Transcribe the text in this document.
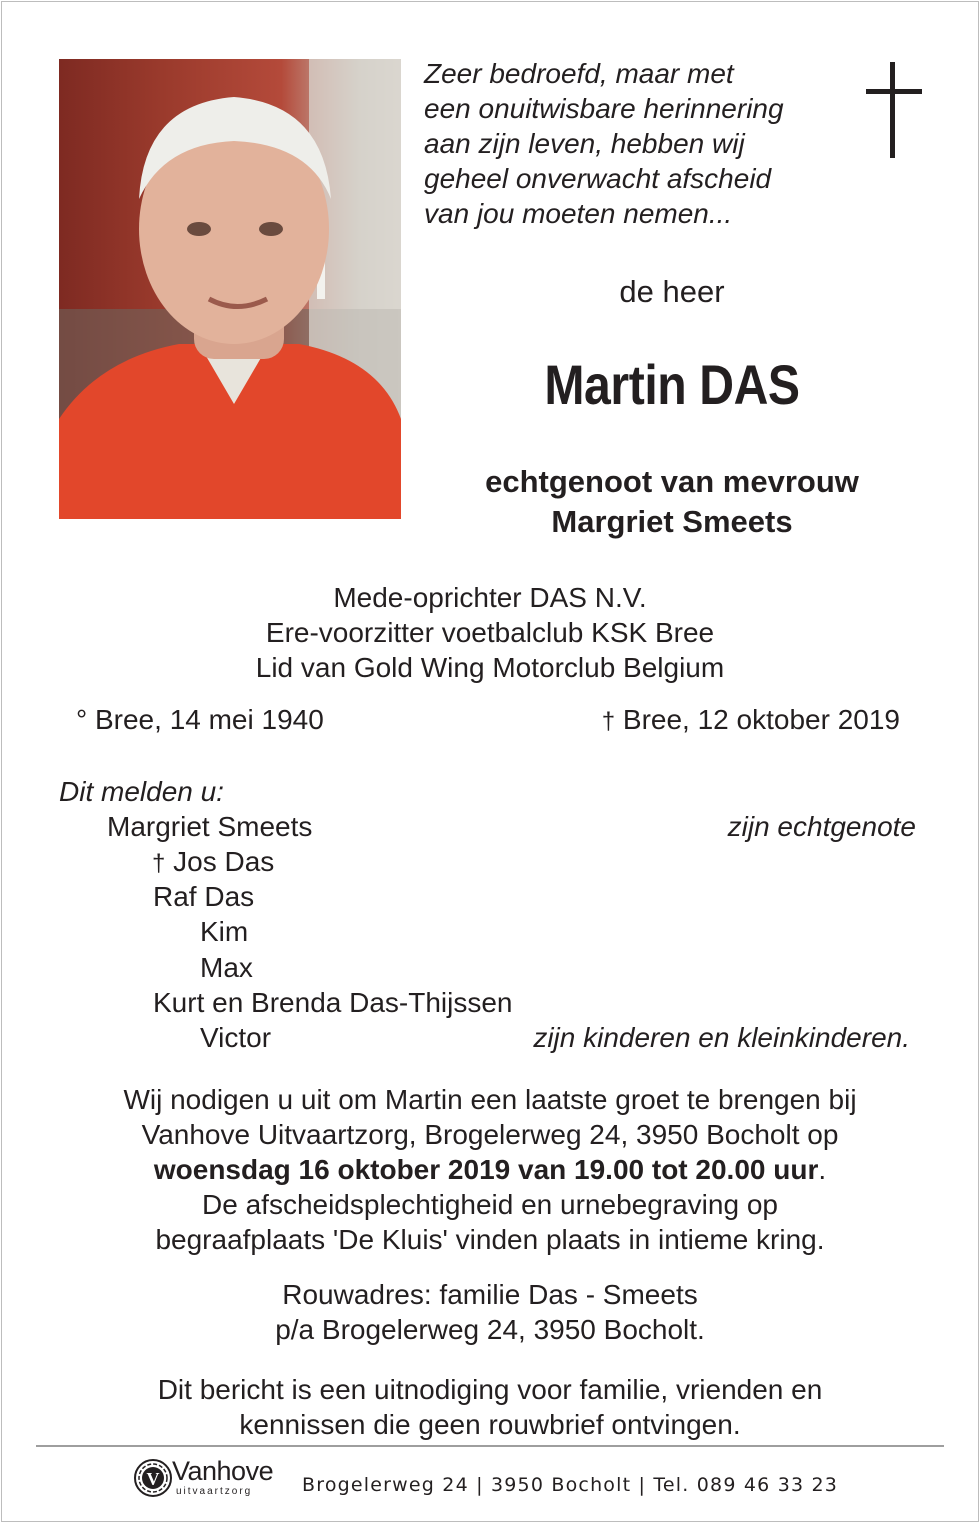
Zeer bedroefd, maar met
een onuitwisbare herinnering
aan zijn leven, hebben wij
geheel onverwacht afscheid
van jou moeten nemen...

de heer

Martin DAS

echtgenoot van mevrouw
Margriet Smeets

Mede-oprichter DAS N.V.
Ere-voorzitter voetbalclub KSK Bree
Lid van Gold Wing Motorclub Belgium

° Bree, 14 mei 1940	† Bree, 12 oktober 2019

Dit melden u:

Margriet Smeets	zijn echtgenote

† Jos Das

Raf Das

Kim

Max

Kurt en Brenda Das-Thijssen

Victor	zijn kinderen en kleinkinderen.

Wij nodigen u uit om Martin een laatste groet te brengen bij
Vanhove Uitvaartzorg, Brogelerweg 24, 3950 Bocholt op
woensdag 16 oktober 2019 van 19.00 tot 20.00 uur.
De afscheidsplechtigheid en urnebegraving op
begraafplaats 'De Kluis' vinden plaats in intieme kring.

Rouwadres: familie Das - Smeets
p/a Brogelerweg 24, 3950 Bocholt.

Dit bericht is een uitnodiging voor familie, vrienden en
kennissen die geen rouwbrief ontvingen.

V Vanhove
uitvaartzorg	Brogelerweg 24 | 3950 Bocholt | Tel. 089 46 33 23
